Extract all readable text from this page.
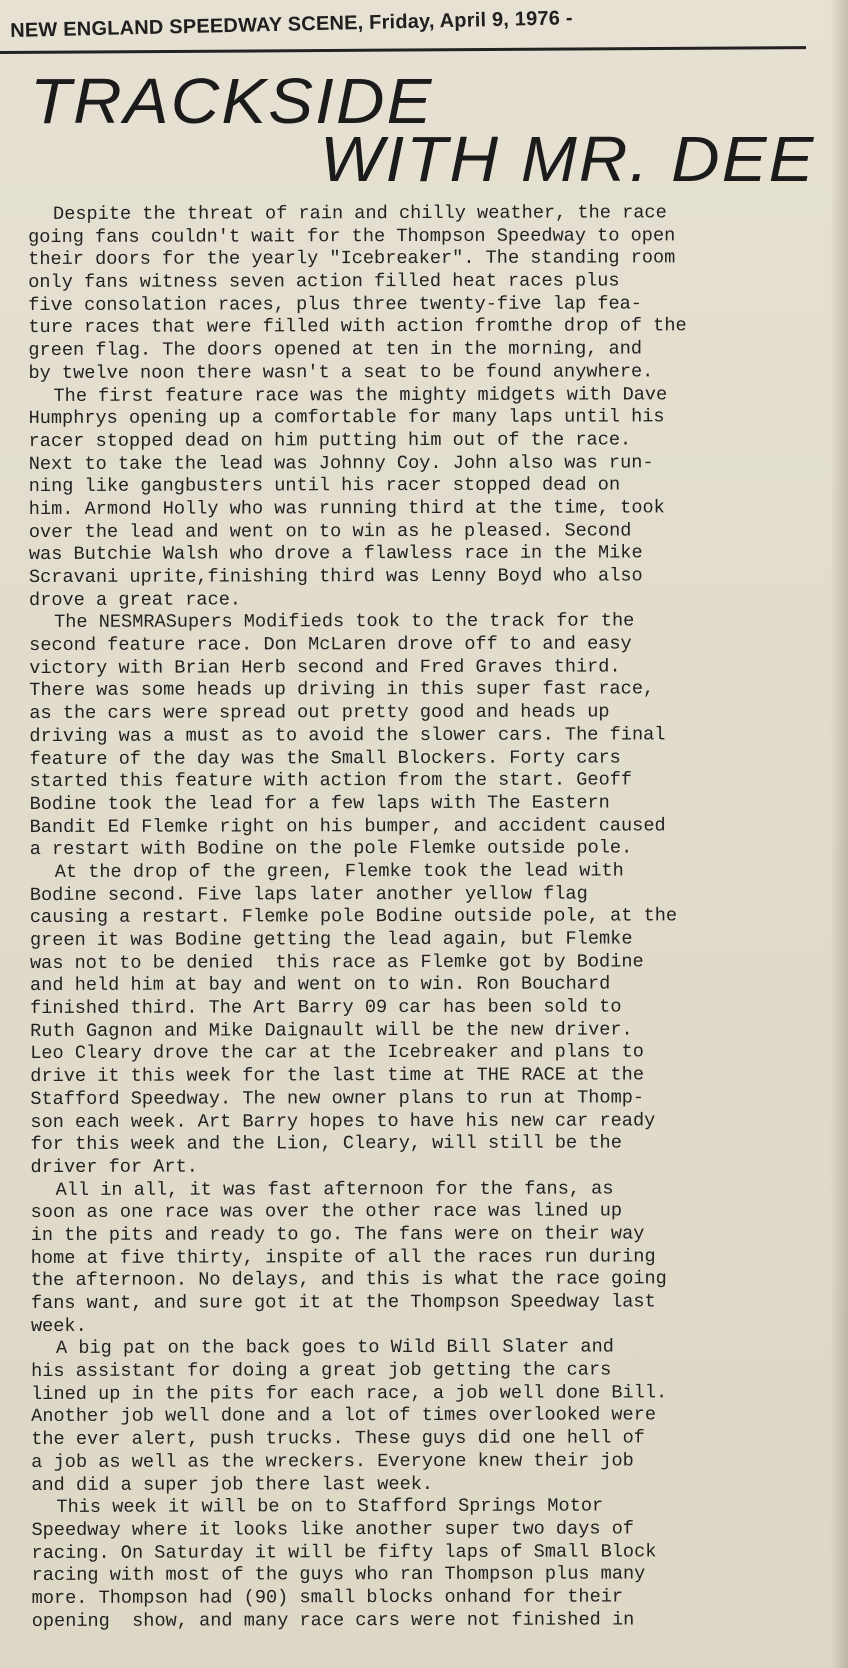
NEW ENGLAND SPEEDWAY SCENE, Friday, April 9, 1976 -
TRACKSIDE
WITH MR. DEE
Despite the threat of rain and chilly weather, the race
going fans couldn't wait for the Thompson Speedway to open
their doors for the yearly "Icebreaker". The standing room
only fans witness seven action filled heat races plus
five consolation races, plus three twenty-five lap fea-
ture races that were filled with action fromthe drop of the
green flag. The doors opened at ten in the morning, and
by twelve noon there wasn't a seat to be found anywhere.
The first feature race was the mighty midgets with Dave
Humphrys opening up a comfortable for many laps until his
racer stopped dead on him putting him out of the race.
Next to take the lead was Johnny Coy. John also was run-
ning like gangbusters until his racer stopped dead on
him. Armond Holly who was running third at the time, took
over the lead and went on to win as he pleased. Second
was Butchie Walsh who drove a flawless race in the Mike
Scravani uprite,finishing third was Lenny Boyd who also
drove a great race.
The NESMRASupers Modifieds took to the track for the
second feature race. Don McLaren drove off to and easy
victory with Brian Herb second and Fred Graves third.
There was some heads up driving in this super fast race,
as the cars were spread out pretty good and heads up
driving was a must as to avoid the slower cars. The final
feature of the day was the Small Blockers. Forty cars
started this feature with action from the start. Geoff
Bodine took the lead for a few laps with The Eastern
Bandit Ed Flemke right on his bumper, and accident caused
a restart with Bodine on the pole Flemke outside pole.
At the drop of the green, Flemke took the lead with
Bodine second. Five laps later another yellow flag
causing a restart. Flemke pole Bodine outside pole, at the
green it was Bodine getting the lead again, but Flemke
was not to be denied  this race as Flemke got by Bodine
and held him at bay and went on to win. Ron Bouchard
finished third. The Art Barry 09 car has been sold to
Ruth Gagnon and Mike Daignault will be the new driver.
Leo Cleary drove the car at the Icebreaker and plans to
drive it this week for the last time at THE RACE at the
Stafford Speedway. The new owner plans to run at Thomp-
son each week. Art Barry hopes to have his new car ready
for this week and the Lion, Cleary, will still be the
driver for Art.
All in all, it was fast afternoon for the fans, as
soon as one race was over the other race was lined up
in the pits and ready to go. The fans were on their way
home at five thirty, inspite of all the races run during
the afternoon. No delays, and this is what the race going
fans want, and sure got it at the Thompson Speedway last
week.
A big pat on the back goes to Wild Bill Slater and
his assistant for doing a great job getting the cars
lined up in the pits for each race, a job well done Bill.
Another job well done and a lot of times overlooked were
the ever alert, push trucks. These guys did one hell of
a job as well as the wreckers. Everyone knew their job
and did a super job there last week.
This week it will be on to Stafford Springs Motor
Speedway where it looks like another super two days of
racing. On Saturday it will be fifty laps of Small Block
racing with most of the guys who ran Thompson plus many
more. Thompson had (90) small blocks onhand for their
opening  show, and many race cars were not finished in
